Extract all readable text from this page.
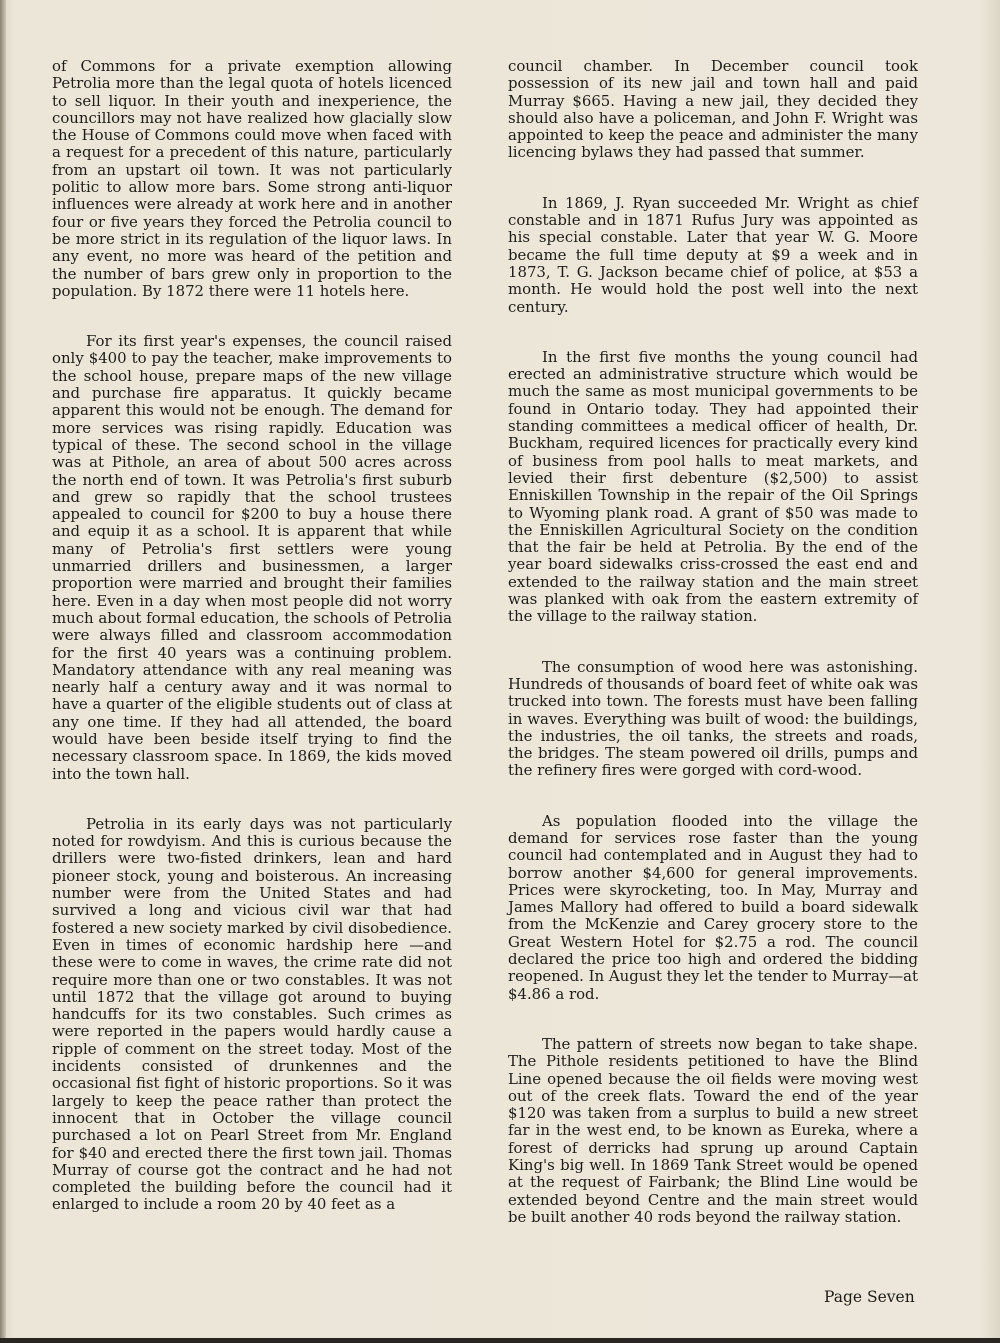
of Commons for a private exemption allowing Petrolia more than the legal quota of hotels licenced to sell liquor. In their youth and inexperience, the councillors may not have realized how glacially slow the House of Commons could move when faced with a request for a precedent of this nature, particularly from an upstart oil town. It was not particularly politic to allow more bars. Some strong anti-liquor influences were already at work here and in another four or five years they forced the Petrolia council to be more strict in its regulation of the liquor laws. In any event, no more was heard of the petition and the number of bars grew only in proportion to the population. By 1872 there were 11 hotels here.

For its first year's expenses, the council raised only $400 to pay the teacher, make improvements to the school house, prepare maps of the new village and purchase fire apparatus. It quickly became apparent this would not be enough. The demand for more services was rising rapidly. Education was typical of these. The second school in the village was at Pithole, an area of about 500 acres across the north end of town. It was Petrolia's first suburb and grew so rapidly that the school trustees appealed to council for $200 to buy a house there and equip it as a school. It is apparent that while many of Petrolia's first settlers were young unmarried drillers and businessmen, a larger proportion were married and brought their families here. Even in a day when most people did not worry much about formal education, the schools of Petrolia were always filled and classroom accommodation for the first 40 years was a continuing problem. Mandatory attendance with any real meaning was nearly half a century away and it was normal to have a quarter of the eligible students out of class at any one time. If they had all attended, the board would have been beside itself trying to find the necessary classroom space. In 1869, the kids moved into the town hall.

Petrolia in its early days was not particularly noted for rowdyism. And this is curious because the drillers were two-fisted drinkers, lean and hard pioneer stock, young and boisterous. An increasing number were from the United States and had survived a long and vicious civil war that had fostered a new society marked by civil disobedience. Even in times of economic hardship here —and these were to come in waves, the crime rate did not require more than one or two constables. It was not until 1872 that the village got around to buying handcuffs for its two constables. Such crimes as were reported in the papers would hardly cause a ripple of comment on the street today. Most of the incidents consisted of drunkennes and the occasional fist fight of historic proportions. So it was largely to keep the peace rather than protect the innocent that in October the village council purchased a lot on Pearl Street from Mr. England for $40 and erected there the first town jail. Thomas Murray of course got the contract and he had not completed the building before the council had it enlarged to include a room 20 by 40 feet as a

council chamber. In December council took possession of its new jail and town hall and paid Murray $665. Having a new jail, they decided they should also have a policeman, and John F. Wright was appointed to keep the peace and administer the many licencing bylaws they had passed that summer.

In 1869, J. Ryan succeeded Mr. Wright as chief constable and in 1871 Rufus Jury was appointed as his special constable. Later that year W. G. Moore became the full time deputy at $9 a week and in 1873, T. G. Jackson became chief of police, at $53 a month. He would hold the post well into the next century.

In the first five months the young council had erected an administrative structure which would be much the same as most municipal governments to be found in Ontario today. They had appointed their standing committees a medical officer of health, Dr. Buckham, required licences for practically every kind of business from pool halls to meat markets, and levied their first debenture ($2,500) to assist Enniskillen Township in the repair of the Oil Springs to Wyoming plank road. A grant of $50 was made to the Enniskillen Agricultural Society on the condition that the fair be held at Petrolia. By the end of the year board sidewalks criss-crossed the east end and extended to the railway station and the main street was planked with oak from the eastern extremity of the village to the railway station.

The consumption of wood here was astonishing. Hundreds of thousands of board feet of white oak was trucked into town. The forests must have been falling in waves. Everything was built of wood: the buildings, the industries, the oil tanks, the streets and roads, the bridges. The steam powered oil drills, pumps and the refinery fires were gorged with cord-wood.

As population flooded into the village the demand for services rose faster than the young council had contemplated and in August they had to borrow another $4,600 for general improvements. Prices were skyrocketing, too. In May, Murray and James Mallory had offered to build a board sidewalk from the McKenzie and Carey grocery store to the Great Western Hotel for $2.75 a rod. The council declared the price too high and ordered the bidding reopened. In August they let the tender to Murray—at $4.86 a rod.

The pattern of streets now began to take shape. The Pithole residents petitioned to have the Blind Line opened because the oil fields were moving west out of the creek flats. Toward the end of the year $120 was taken from a surplus to build a new street far in the west end, to be known as Eureka, where a forest of derricks had sprung up around Captain King's big well. In 1869 Tank Street would be opened at the request of Fairbank; the Blind Line would be extended beyond Centre and the main street would be built another 40 rods beyond the railway station.

Page Seven
